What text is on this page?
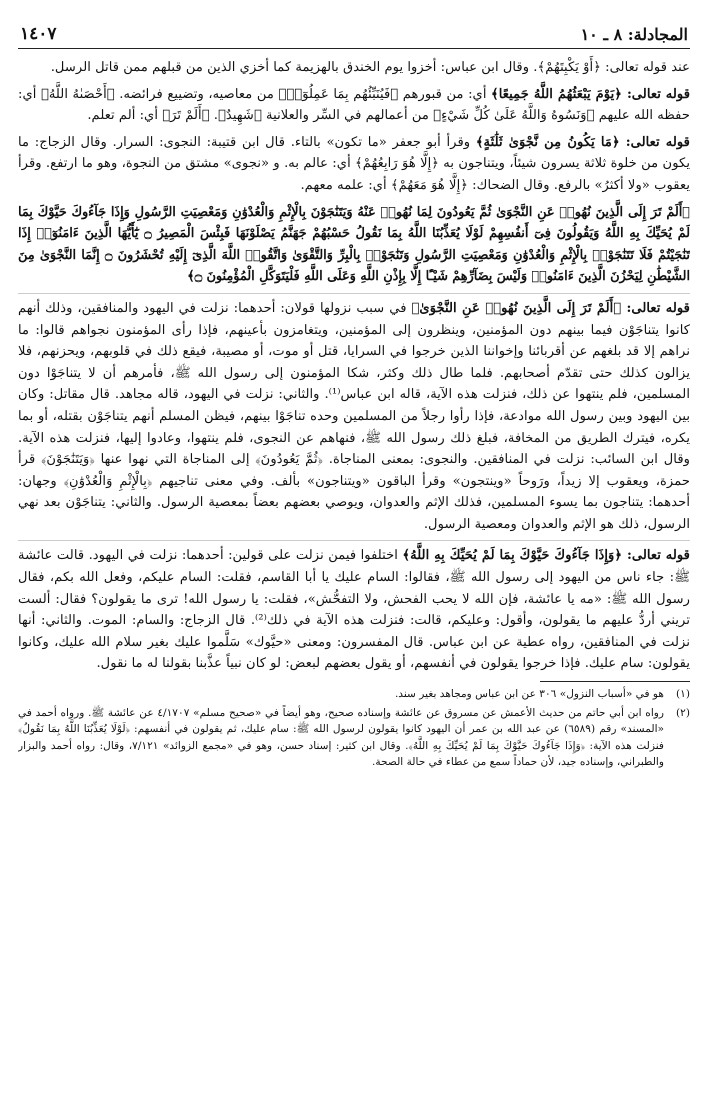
المجادلة: ٨ ـ ١٠
١٤٠٧

عند قوله تعالى: ﴿أَوْ يَكْبِتَهُمْ﴾. وقال ابن عباس: أخزوا يوم الخندق بالهزيمة كما أخزي الذين من قبلهم ممن قاتل الرسل.

قوله تعالى: ﴿يَوْمَ يَبْعَثُهُمُ اللَّهُ جَمِيعًا﴾ أي: من قبورهم ﴿فَيُنَبِّئُهُم بِمَا عَمِلُوٓا۟﴾ من معاصيه، وتضييع فرائضه. ﴿أَحْصَىٰهُ اللَّهُ﴾ أي: حفظه الله عليهم ﴿وَنَسُوهُ وَاللَّهُ عَلَىٰ كُلِّ شَيْءٍ﴾ من أعمالهم في السِّر والعلانية ﴿شَهِيدٌ﴾. ﴿أَلَمْ تَرَ﴾ أي: ألم تعلم.

قوله تعالى: ﴿مَا يَكُونُ مِن نَّجْوَىٰ ثَلَٰثَةٍ﴾ وقرأ أبو جعفر «ما تكون» بالتاء. قال ابن قتيبة: النجوى: السرار. وقال الزجاج: ما يكون من خلوة ثلاثة يسرون شيئاً، ويتناجون به ﴿إِلَّا هُوَ رَابِعُهُمْ﴾ أي: عالم به. و «نجوى» مشتق من النجوة، وهو ما ارتفع. وقرأ يعقوب «ولا أكثرُ» بالرفع. وقال الضحاك: ﴿إِلَّا هُوَ مَعَهُمْ﴾ أي: علمه معهم.

﴿أَلَمْ تَرَ إِلَى الَّذِينَ نُهُوا۟ عَنِ النَّجْوَىٰ ثُمَّ يَعُودُونَ لِمَا نُهُوا۟ عَنْهُ وَيَتَنَٰجَوْنَ بِالْإِثْمِ وَالْعُدْوَٰنِ وَمَعْصِيَتِ الرَّسُولِ وَإِذَا جَآءُوكَ حَيَّوْكَ بِمَا لَمْ يُحَيِّكَ بِهِ اللَّهُ وَيَقُولُونَ فِىٓ أَنفُسِهِمْ لَوْلَا يُعَذِّبُنَا اللَّهُ بِمَا نَقُولُ حَسْبُهُمْ جَهَنَّمُ يَصْلَوْنَهَا فَبِئْسَ الْمَصِيرُ ۝ يَٰٓأَيُّهَا الَّذِينَ ءَامَنُوٓا۟ إِذَا تَنَٰجَيْتُمْ فَلَا تَتَنَٰجَوْا۟ بِالْإِثْمِ وَالْعُدْوَٰنِ وَمَعْصِيَتِ الرَّسُولِ وَتَنَٰجَوْا۟ بِالْبِرِّ وَالتَّقْوَىٰ وَاتَّقُوا۟ اللَّهَ الَّذِىٓ إِلَيْهِ تُحْشَرُونَ ۝ إِنَّمَا النَّجْوَىٰ مِنَ الشَّيْطَٰنِ لِيَحْزُنَ الَّذِينَ ءَامَنُوا۟ وَلَيْسَ بِضَآرِّهِمْ شَيْـًٔا إِلَّا بِإِذْنِ اللَّهِ وَعَلَى اللَّهِ فَلْيَتَوَكَّلِ الْمُؤْمِنُونَ ۝﴾

قوله تعالى: ﴿أَلَمْ تَرَ إِلَى الَّذِينَ نُهُوا۟ عَنِ النَّجْوَىٰ﴾ في سبب نزولها قولان: أحدهما: نزلت في اليهود والمنافقين، وذلك أنهم كانوا يتناجَوْن فيما بينهم دون المؤمنين، وينظرون إلى المؤمنين، ويتغامزون بأعينهم، فإذا رأى المؤمنون نجواهم قالوا: ما نراهم إلا قد بلغهم عن أقربائنا وإخواننا الذين خرجوا في السرايا، قتل أو موت، أو مصيبة، فيقع ذلك في قلوبهم، ويحزنهم، فلا يزالون كذلك حتى تقدّم أصحابهم. فلما طال ذلك وكثر، شكا المؤمنون إلى رسول الله ﷺ، فأمرهم أن لا يتناجَوْا دون المسلمين، فلم ينتهوا عن ذلك، فنزلت هذه الآية، قاله ابن عباس⁽¹⁾. والثاني: نزلت في اليهود، قاله مجاهد. قال مقاتل: وكان بين اليهود وبين رسول الله موادعة، فإذا رأوا رجلاً من المسلمين وحده تناجَوْا بينهم، فيظن المسلم أنهم يتناجَوْن بقتله، أو بما يكره، فيترك الطريق من المخافة، فبلغ ذلك رسول الله ﷺ، فنهاهم عن النجوى، فلم ينتهوا، وعادوا إليها، فنزلت هذه الآية. وقال ابن السائب: نزلت في المنافقين. والنجوى: بمعنى المناجاة. ﴿ثُمَّ يَعُودُونَ﴾ إلى المناجاة التي نهوا عنها ﴿وَيَتَنَٰجَوْنَ﴾ قرأ حمزة، ويعقوب إلا زيداً، ورَوحاً «وينتجون» وقرأ الباقون «ويتناجون» بألف. وفي معنى تناجيهم ﴿بِالْإِثْمِ وَالْعُدْوَٰنِ﴾ وجهان: أحدهما: يتناجون بما يسوء المسلمين، فذلك الإثم والعدوان، ويوصي بعضهم بعضاً بمعصية الرسول. والثاني: يتناجَوْن بعد نهي الرسول، ذلك هو الإثم والعدوان ومعصية الرسول.

قوله تعالى: ﴿وَإِذَا جَآءُوكَ حَيَّوْكَ بِمَا لَمْ يُحَيِّكَ بِهِ اللَّهُ﴾ اختلفوا فيمن نزلت على قولين: أحدهما: نزلت في اليهود. قالت عائشة ﷺ: جاء ناس من اليهود إلى رسول الله ﷺ، فقالوا: السام عليك يا أبا القاسم، فقلت: السام عليكم، وفعل الله بكم، فقال رسول الله ﷺ: «مه يا عائشة، فإن الله لا يحب الفحش، ولا التفحُّش»، فقلت: يا رسول الله! ترى ما يقولون؟ فقال: ألست تريني أردُّ عليهم ما يقولون، وأقول: وعليكم، قالت: فنزلت هذه الآية في ذلك⁽²⁾. قال الزجاج: والسام: الموت. والثاني: أنها نزلت في المنافقين، رواه عطية عن ابن عباس. قال المفسرون: ومعنى «حيَّوك» سَلَّموا عليك بغير سلام الله عليك، وكانوا يقولون: سام عليك. فإذا خرجوا يقولون في أنفسهم، أو يقول بعضهم لبعض: لو كان نبياً عذَّبنا بقولنا له ما نقول.

(١)
هو في «أسباب النزول» ٣٠٦ عن ابن عباس ومجاهد بغير سند.
(٢)
رواه ابن أبي حاتم من حديث الأعمش عن مسروق عن عائشة وإسناده صحيح، وهو أيضاً في «صحيح مسلم» ٤/١٧٠٧ عن عائشة ﷺ. ورواه أحمد في «المسند» رقم (٦٥٨٩) عن عبد الله بن عمر أن اليهود كانوا يقولون لرسول الله ﷺ: سام عليك، ثم يقولون في أنفسهم: ﴿لَوْلَا يُعَذِّبُنَا اللَّهُ بِمَا نَقُولُ﴾ فنزلت هذه الآية: ﴿وَإِذَا جَآءُوكَ حَيَّوْكَ بِمَا لَمْ يُحَيِّكَ بِهِ اللَّهُ﴾. وقال ابن كثير: إسناد حسن، وهو في «مجمع الزوائد» ٧/١٢١، وقال: رواه أحمد والبزار والطبراني، وإسناده جيد، لأن حماداً سمع من عطاء في حالة الصحة.
